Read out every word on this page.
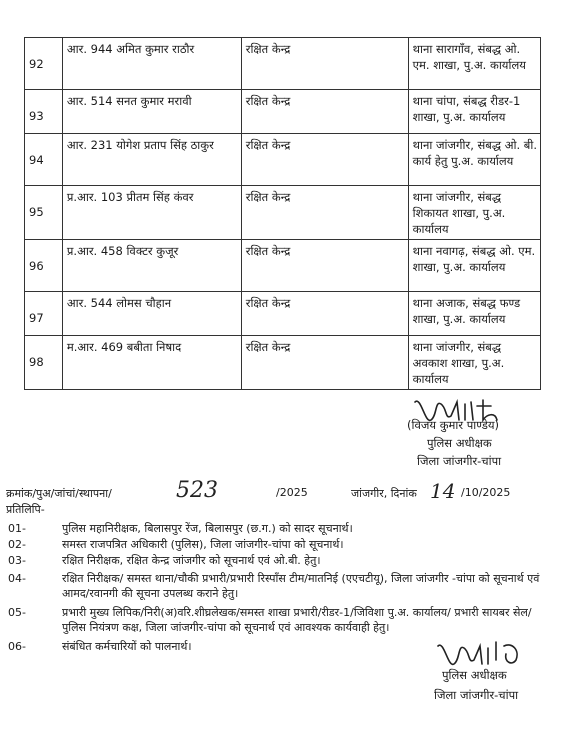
92	आर. 944 अमित कुमार राठौर	रक्षित केन्द्र	थाना सारागाँव, संबद्ध ओ. एम. शाखा, पु.अ. कार्यालय
93	आर. 514 सनत कुमार मरावी	रक्षित केन्द्र	थाना चांपा, संबद्ध रीडर-1 शाखा, पु.अ. कार्यालय
94	आर. 231 योगेश प्रताप सिंह ठाकुर	रक्षित केन्द्र	थाना जांजगीर, संबद्ध ओ. बी. कार्य हेतु पु.अ. कार्यालय
95	प्र.आर. 103 प्रीतम सिंह कंवर	रक्षित केन्द्र	थाना जांजगीर, संबद्ध शिकायत शाखा, पु.अ. कार्यालय
96	प्र.आर. 458 विक्टर कुजूर	रक्षित केन्द्र	थाना नवागढ़, संबद्ध ओ. एम. शाखा, पु.अ. कार्यालय
97	आर. 544 लोमस चौहान	रक्षित केन्द्र	थाना अजाक, संबद्ध फण्ड शाखा, पु.अ. कार्यालय
98	म.आर. 469 बबीता निषाद	रक्षित केन्द्र	थाना जांजगीर, संबद्ध अवकाश शाखा, पु.अ. कार्यालय
(विजय कुमार पाण्डेय)
पुलिस अधीक्षक
जिला जांजगीर-चांपा
क्रमांक/पुअ/जांचां/स्थापना/	523	/2025	जांजगीर, दिनांक 14 /10/2025
प्रतिलिपि-
01-	पुलिस महानिरीक्षक, बिलासपुर रेंज, बिलासपुर (छ.ग.) को सादर सूचनार्थ।
02-	समस्त राजपत्रित अधिकारी (पुलिस), जिला जांजगीर-चांपा को सूचनार्थ।
03-	रक्षित निरीक्षक, रक्षित केन्द्र जांजगीर को सूचनार्थ एवं ओ.बी. हेतु।
04-	रक्षित निरीक्षक/ समस्त थाना/चौकी प्रभारी/प्रभारी रिस्पॉंस टीम/मातनिई (एएचटीयू), जिला जांजगीर -चांपा को सूचनार्थ एवं आमद/रवानगी की सूचना उपलब्ध कराने हेतु।
05-	प्रभारी मुख्य लिपिक/निरी(अ)वरि.शीघ्रलेखक/समस्त शाखा प्रभारी/रीडर-1/जिविशा पु.अ. कार्यालय/ प्रभारी सायबर सेल/पुलिस नियंत्रण कक्ष, जिला जांजगीर-चांपा को सूचनार्थ एवं आवश्यक कार्यवाही हेतु।
06-	संबंधित कर्मचारियों को पालनार्थ।
पुलिस अधीक्षक
जिला जांजगीर-चांपा
